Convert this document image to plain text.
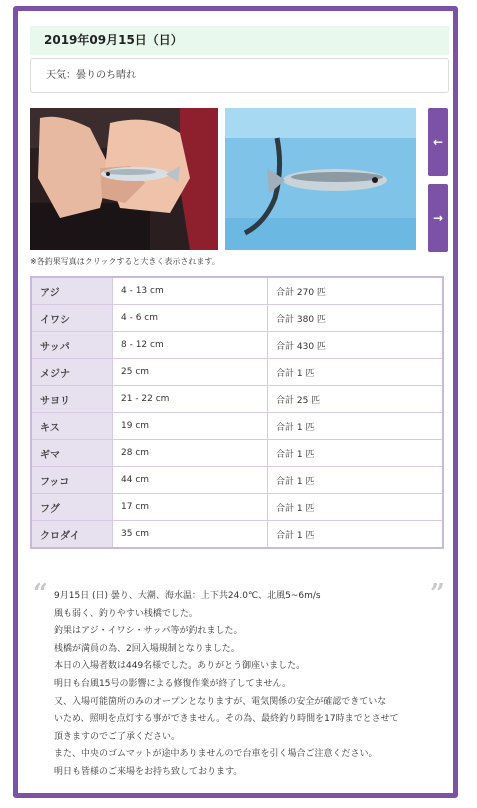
2019年09月15日（日）
天気：曇りのち晴れ
←
→
※各釣果写真はクリックすると大きく表示されます。
アジ	4 - 13 cm	合計 270 匹
イワシ	4 - 6 cm	合計 380 匹
サッパ	8 - 12 cm	合計 430 匹
メジナ	25 cm	合計 1 匹
サヨリ	21 - 22 cm	合計 25 匹
キス	19 cm	合計 1 匹
ギマ	28 cm	合計 1 匹
フッコ	44 cm	合計 1 匹
フグ	17 cm	合計 1 匹
クロダイ	35 cm	合計 1 匹
“	”
9月15日 (日) 曇り、大潮、海水温：上下共24.0℃、北風5~6m/s
風も弱く、釣りやすい桟橋でした。
釣果はアジ・イワシ・サッパ等が釣れました。
桟橋が満員の為、2回入場規制となりました。
本日の入場者数は449名様でした。ありがとう御座いました。
明日も台風15号の影響による修復作業が終了してません。
又、入場可能箇所のみのオープンとなりますが、電気関係の安全が確認できていな
いため、照明を点灯する事ができません。その為、最終釣り時間を17時までとさせて
頂きますのでご了承ください。
また、中央のゴムマットが途中ありませんので台車を引く場合ご注意ください。
明日も皆様のご来場をお持ち致しております。
